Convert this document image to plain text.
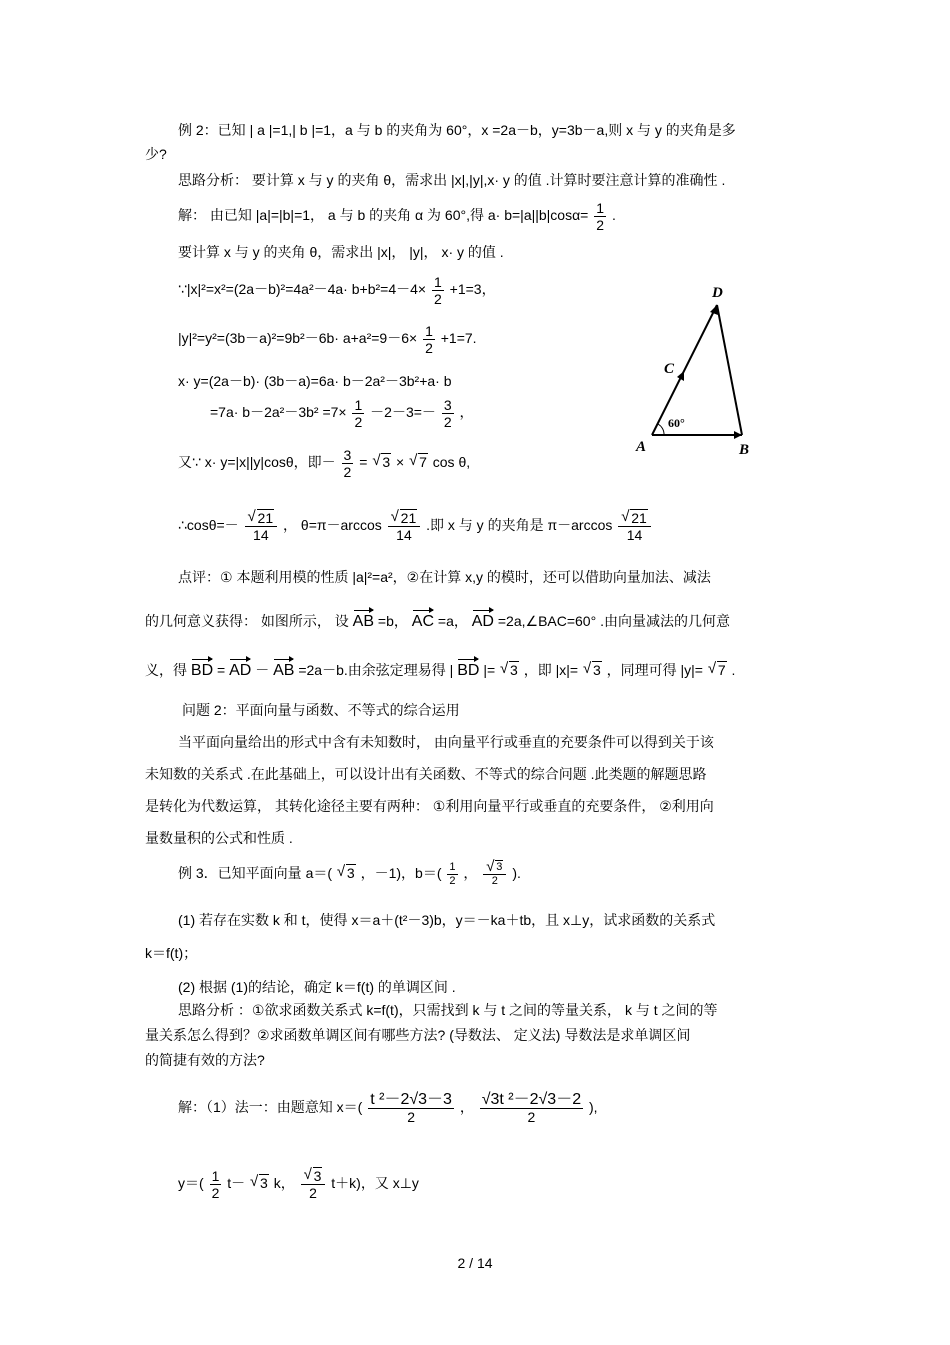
例 2：已知 | a |=1,| b |=1，a 与 b 的夹角为 60°，x =2a－b，y=3b－a,则 x 与 y 的夹角是多
少?
思路分析： 要计算 x 与 y 的夹角 θ，需求出 |x|,|y|,x· y 的值 .计算时要注意计算的准确性 .
解： 由已知 |a|=|b|=1， a 与 b 的夹角 α 为 60°,得 $a\cdot b=|a||b|\cos\alpha= \frac{1}{2}$ .
要计算 x 与 y 的夹角 θ，需求出 |x|， |y|， x· y 的值 .
∵|x|²=x²=(2a－b)²=4a²－4a· $b+b^2=4-4\times \frac{1}{2} +1=3$，
$|y|^2=y^2=(3b-a)^2=9b^2-6b\cdot a+a^2=9-6\times \frac{1}{2} +1=7$.
x· y=(2a－b)· (3b－a)=6a· b－2a²－3b²+a· b
$=7a\cdot b-2a^2-3b^2 =7\times \frac{1}{2} -2-3=- \frac{3}{2}$ ，
又∵ x· y=|x||y|cosθ，即－ $\frac{3}{2}$ = √ 3 × √ 7 cos θ,
∴cosθ=－ √ $\frac{21}{14}$ ， θ=π－arccos √ $\frac{21}{14}$ .即 x 与 y 的夹角是 π－arccos √ $\frac{21}{14}$
点评：① 本题利用模的性质 |a|²=a²，②在计算 x,y 的模时，还可以借助向量加法、减法
的几何意义获得： 如图所示， 设 AB =b， AC =a， AD =2a,∠BAC=60° .由向量减法的几何意
义，得 BD = AD － AB =2a－b.由余弦定理易得 | BD |= √ 3 ，即 |x|= √ 3 ，同理可得 |y|= √ 7 .
问题 2：平面向量与函数、不等式的综合运用
当平面向量给出的形式中含有未知数时， 由向量平行或垂直的充要条件可以得到关于该
未知数的关系式 .在此基础上，可以设计出有关函数、不等式的综合问题 .此类题的解题思路
是转化为代数运算， 其转化途径主要有两种： ①利用向量平行或垂直的充要条件， ②利用向
量数量积的公式和性质 .
例 3．已知平面向量 a＝( √ 3 ，－1)，$b=( \frac{1}{2}$ ， √ $\frac{3}{2}$ ).
(1) 若存在实数 k 和 t，使得 x＝a＋(t²－3)b，y＝－ka＋tb，且 x⊥y，试求函数的关系式
k＝f(t)；
(2) 根据 (1)的结论，确定 k＝f(t) 的单调区间 .
思路分析 ：①欲求函数关系式 k=f(t)，只需找到 k 与 t 之间的等量关系， k 与 t 之间的等
量关系怎么得到？②求函数单调区间有哪些方法? (导数法、 定义法) 导数法是求单调区间
的简捷有效的方法?
解：（1）法一：由题意知 $x=( \frac{\text{t ²－2√3－3}}{2}$ ， $\frac{\text{√3t ²－2√3－2}}{2}$ ),
$y=( \frac{1}{2} t-$ √ 3 k， √ $\frac{3}{2} t+k$)，又 x⊥y
D
C
A	B
60°
2 / 14
